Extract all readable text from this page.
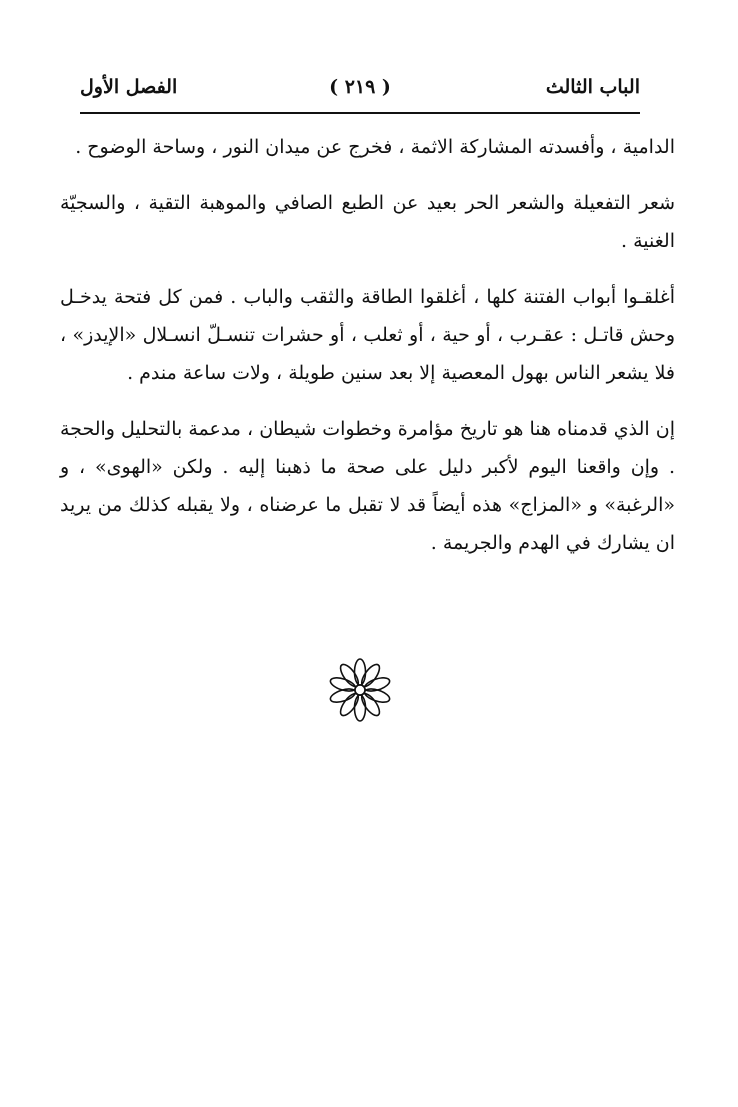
الباب الثالث
( ٢١٩ )
الفصل الأول

الدامية ، وأفسدته المشاركة الاثمة ، فخرج عن ميدان النور ، وساحة الوضوح .

شعر التفعيلة والشعر الحر بعيد عن الطبع الصافي والموهبة التقية ، والسجيّة الغنية .

أغلقـوا أبواب الفتنة كلها ، أغلقوا الطاقة والثقب والباب . فمن كل فتحة يدخـل وحش قاتـل : عقـرب ، أو حية ، أو ثعلب ، أو حشرات تنسـلّ انسـلال «الإيدز» ، فلا يشعر الناس بهول المعصية إلا بعد سنين طويلة ، ولات ساعة مندم .

إن الذي قدمناه هنا هو تاريخ مؤامرة وخطوات شيطان ، مدعمة بالتحليل والحجة . وإن واقعنا اليوم لأكبر دليل على صحة ما ذهبنا إليه . ولكن «الهوى» ، و «الرغبة» و «المزاج» هذه أيضاً قد لا تقبل ما عرضناه ، ولا يقبله كذلك من يريد ان يشارك في الهدم والجريمة .
